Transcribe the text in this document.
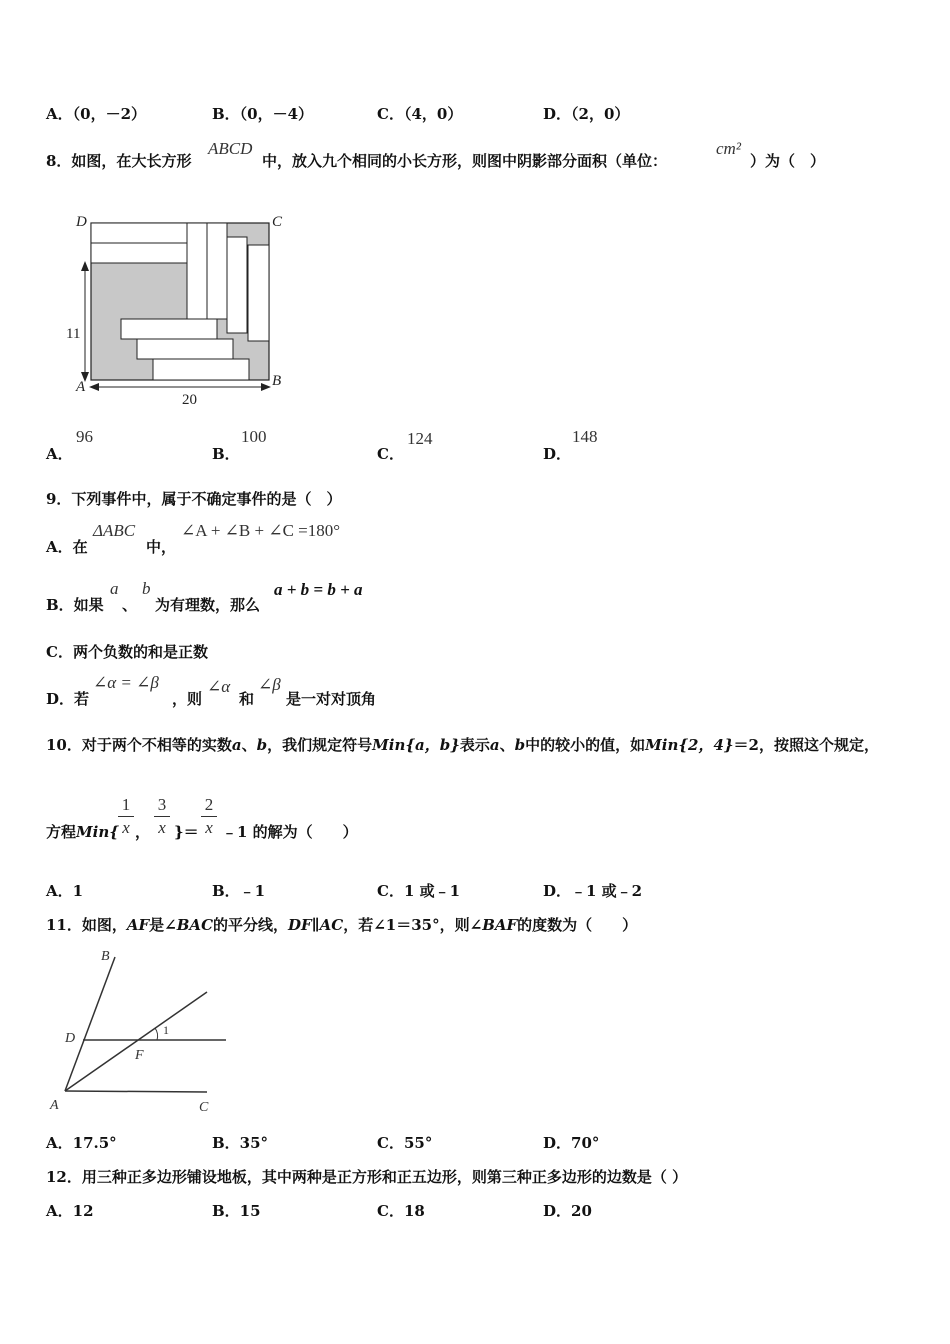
A．（0，－2）	B．（0，－4）	C．（4，0）	D．（2，0）
8．如图，在大长方形
ABCD
中，放入九个相同的小长方形，则图中阴影部分面积（单位：
cm²
）为（　）
D	C
A	B
11
20
A．
96
B．
100
C．
124
D．
148
9．下列事件中，属于不确定事件的是（　）
A．在
ΔABC
中，
∠A + ∠B + ∠C =180°
B．如果
a
、
b
为有理数，那么
a + b = b + a
C．两个负数的和是正数
D．若
∠α = ∠β
，则
∠α
和
∠β
是一对对顶角
10．对于两个不相等的实数a、b，我们规定符号Min{a，b}表示a、b中的较小的值，如Min{2，4}＝2，按照这个规定，
方程Min{
1
x ，
3
x }＝
2
x ﹣1 的解为（　　）
A．1	B．﹣1	C．1 或﹣1	D．﹣1 或﹣2
11．如图，AF是∠BAC的平分线，DF∥AC，若∠1＝35°，则∠BAF的度数为（　　）
B
D
F
A	C
1
A．17.5°	B．35°	C．55°	D．70°
12．用三种正多边形铺设地板，其中两种是正方形和正五边形，则第三种正多边形的边数是（ ）
A．12	B．15	C．18	D．20
